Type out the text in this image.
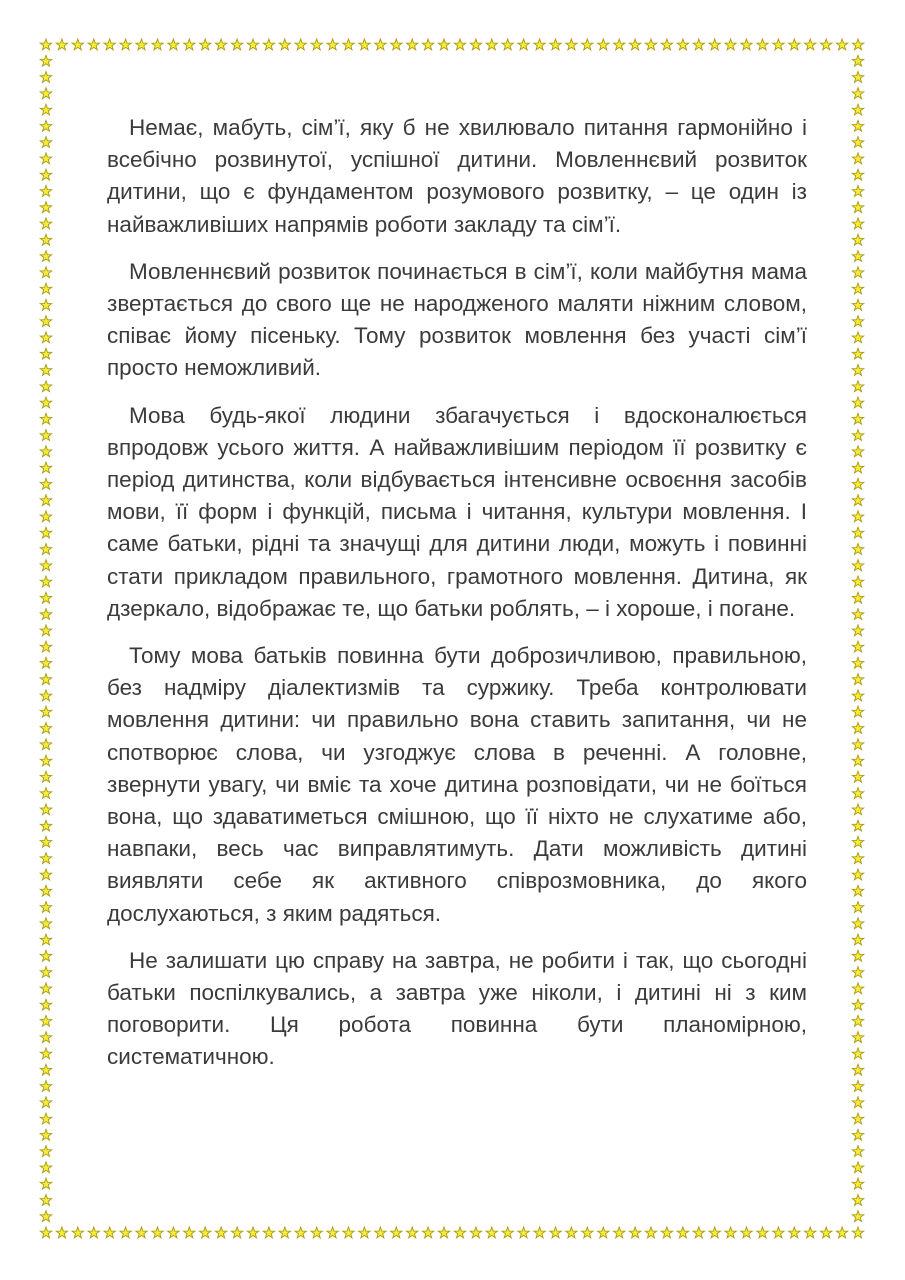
Немає, мабуть, сім’ї, яку б не хвилювало питання гармонійно і всебічно розвинутої, успішної дитини. Мовленнєвий розвиток дитини, що є фундаментом розумового розвитку, – це один із найважливіших напрямів роботи закладу та сім’ї.

Мовленнєвий розвиток починається в сім’ї, коли майбутня мама звертається до свого ще не народженого маляти ніжним словом, співає йому пісеньку. Тому розвиток мовлення без участі сім’ї просто неможливий.

Мова будь-якої людини збагачується і вдосконалюється впродовж усього життя. А найважливішим періодом її розвитку є період дитинства, коли відбувається інтенсивне освоєння засобів мови, її форм і функцій, письма і читання, культури мовлення. І саме батьки, рідні та значущі для дитини люди, можуть і повинні стати прикладом правильного, грамотного мовлення. Дитина, як дзеркало, відображає те, що батьки роблять, – і хороше, і погане.

Тому мова батьків повинна бути доброзичливою, правильною, без надміру діалектизмів та суржику. Треба контролювати мовлення дитини: чи правильно вона ставить запитання, чи не спотворює слова, чи узгоджує слова в реченні. А головне, звернути увагу, чи вміє та хоче дитина розповідати, чи не боїться вона, що здаватиметься смішною, що її ніхто не слухатиме або, навпаки, весь час виправлятимуть. Дати можливість дитині виявляти себе як активного співрозмовника, до якого дослухаються, з яким радяться.

Не залишати цю справу на завтра, не робити і так, що сьогодні батьки поспілкувались, а завтра уже ніколи, і дитині ні з ким поговорити. Ця робота повинна бути планомірною, систематичною.
